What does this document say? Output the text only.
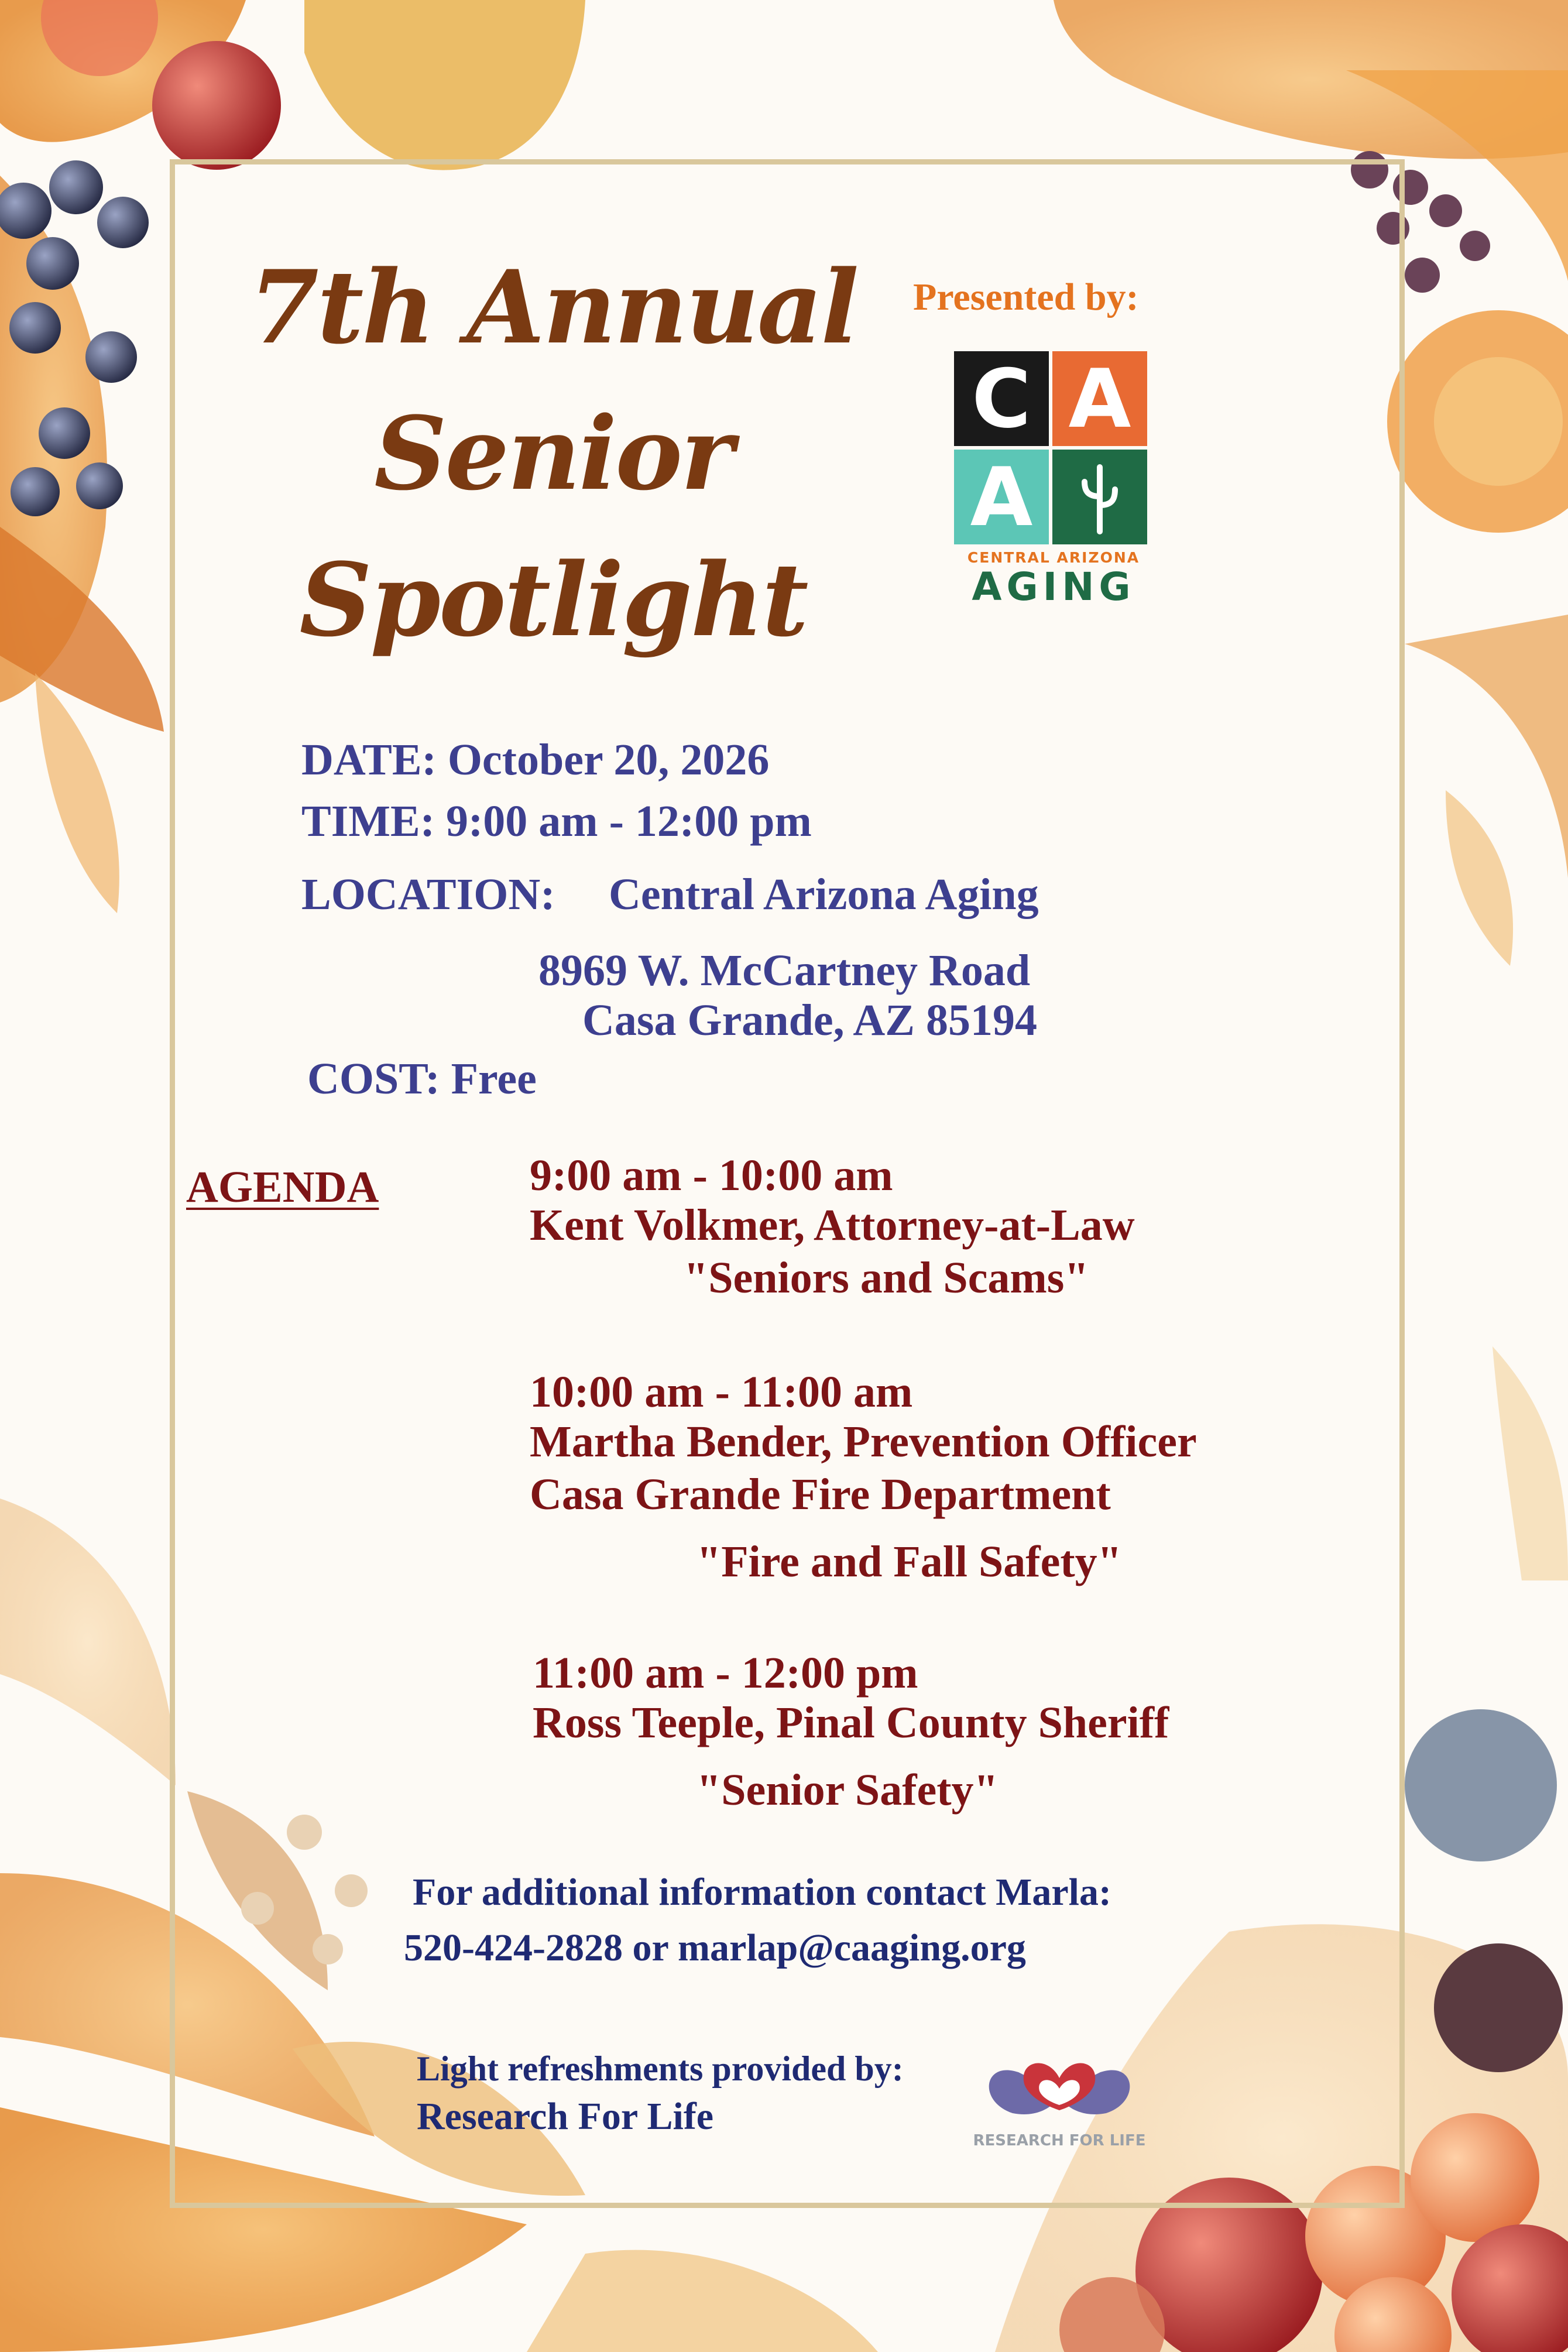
7th Annual
Senior
Spotlight
Presented by:
C A
A
CENTRAL ARIZONA
AGING
DATE: October 20, 2026
TIME: 9:00 am - 12:00 pm
LOCATION: Central Arizona Aging
8969 W. McCartney Road
Casa Grande, AZ 85194
COST: Free
AGENDA	9:00 am - 10:00 am
Kent Volkmer, Attorney-at-Law
"Seniors and Scams"
10:00 am - 11:00 am
Martha Bender, Prevention Officer
Casa Grande Fire Department
"Fire and Fall Safety"
11:00 am - 12:00 pm
Ross Teeple, Pinal County Sheriff
"Senior Safety"
For additional information contact Marla:
520-424-2828 or marlap@caaging.org
Light refreshments provided by:
Research For Life
RESEARCH FOR LIFE
